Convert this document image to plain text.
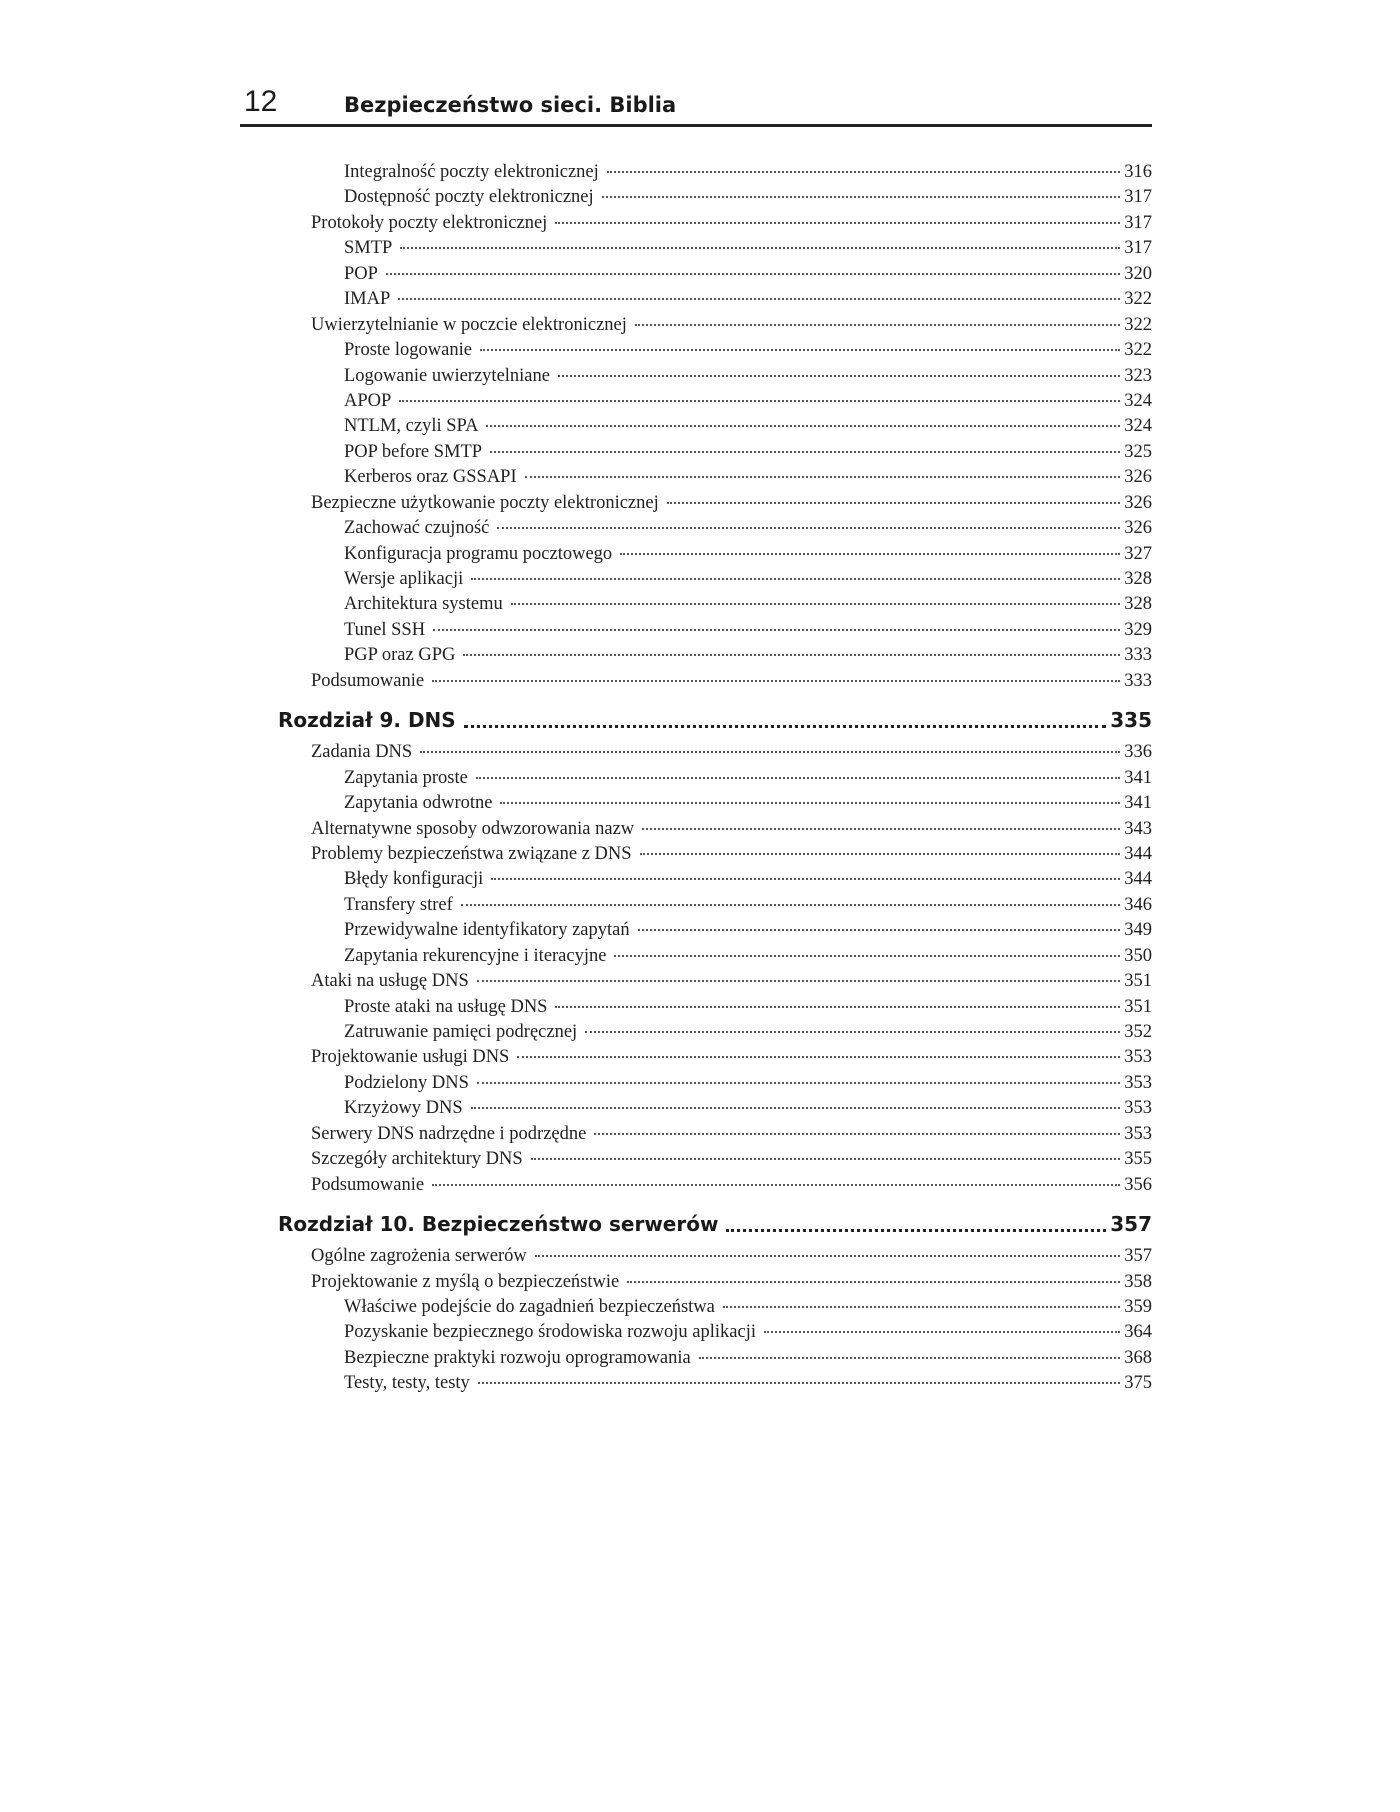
12	Bezpieczeństwo sieci. Biblia
Integralność poczty elektronicznej	316
Dostępność poczty elektronicznej	317
Protokoły poczty elektronicznej	317
SMTP	317
POP	320
IMAP	322
Uwierzytelnianie w poczcie elektronicznej	322
Proste logowanie	322
Logowanie uwierzytelniane	323
APOP	324
NTLM, czyli SPA	324
POP before SMTP	325
Kerberos oraz GSSAPI	326
Bezpieczne użytkowanie poczty elektronicznej	326
Zachować czujność	326
Konfiguracja programu pocztowego	327
Wersje aplikacji	328
Architektura systemu	328
Tunel SSH	329
PGP oraz GPG	333
Podsumowanie	333
Rozdział 9. DNS	335
Zadania DNS	336
Zapytania proste	341
Zapytania odwrotne	341
Alternatywne sposoby odwzorowania nazw	343
Problemy bezpieczeństwa związane z DNS	344
Błędy konfiguracji	344
Transfery stref	346
Przewidywalne identyfikatory zapytań	349
Zapytania rekurencyjne i iteracyjne	350
Ataki na usługę DNS	351
Proste ataki na usługę DNS	351
Zatruwanie pamięci podręcznej	352
Projektowanie usługi DNS	353
Podzielony DNS	353
Krzyżowy DNS	353
Serwery DNS nadrzędne i podrzędne	353
Szczegóły architektury DNS	355
Podsumowanie	356
Rozdział 10. Bezpieczeństwo serwerów	357
Ogólne zagrożenia serwerów	357
Projektowanie z myślą o bezpieczeństwie	358
Właściwe podejście do zagadnień bezpieczeństwa	359
Pozyskanie bezpiecznego środowiska rozwoju aplikacji	364
Bezpieczne praktyki rozwoju oprogramowania	368
Testy, testy, testy	375
